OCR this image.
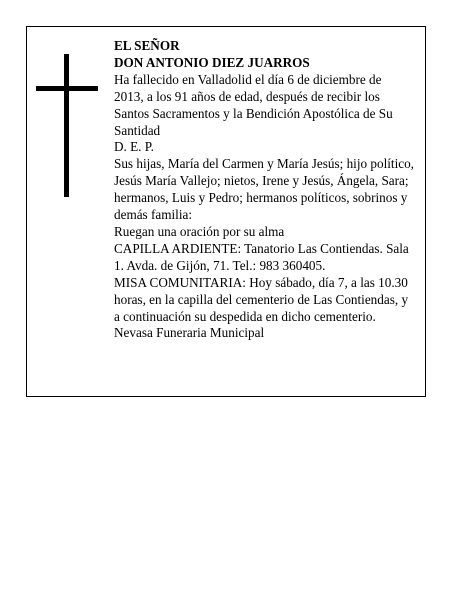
EL SEÑOR
DON ANTONIO DIEZ JUARROS
Ha fallecido en Valladolid el día 6 de diciembre de 2013, a los 91 años de edad, después de recibir los Santos Sacramentos y la Bendición Apostólica de Su Santidad
D. E. P.
Sus hijas, María del Carmen y María Jesús; hijo político, Jesús María Vallejo; nietos, Irene y Jesús, Ángela, Sara; hermanos, Luis y Pedro; hermanos políticos, sobrinos y demás familia:
Ruegan una oración por su alma
CAPILLA ARDIENTE: Tanatorio Las Contiendas. Sala 1. Avda. de Gijón, 71. Tel.: 983 360405.
MISA COMUNITARIA: Hoy sábado, día 7, a las 10.30 horas, en la capilla del cementerio de Las Contiendas, y a continuación su despedida en dicho cementerio.
Nevasa Funeraria Municipal
